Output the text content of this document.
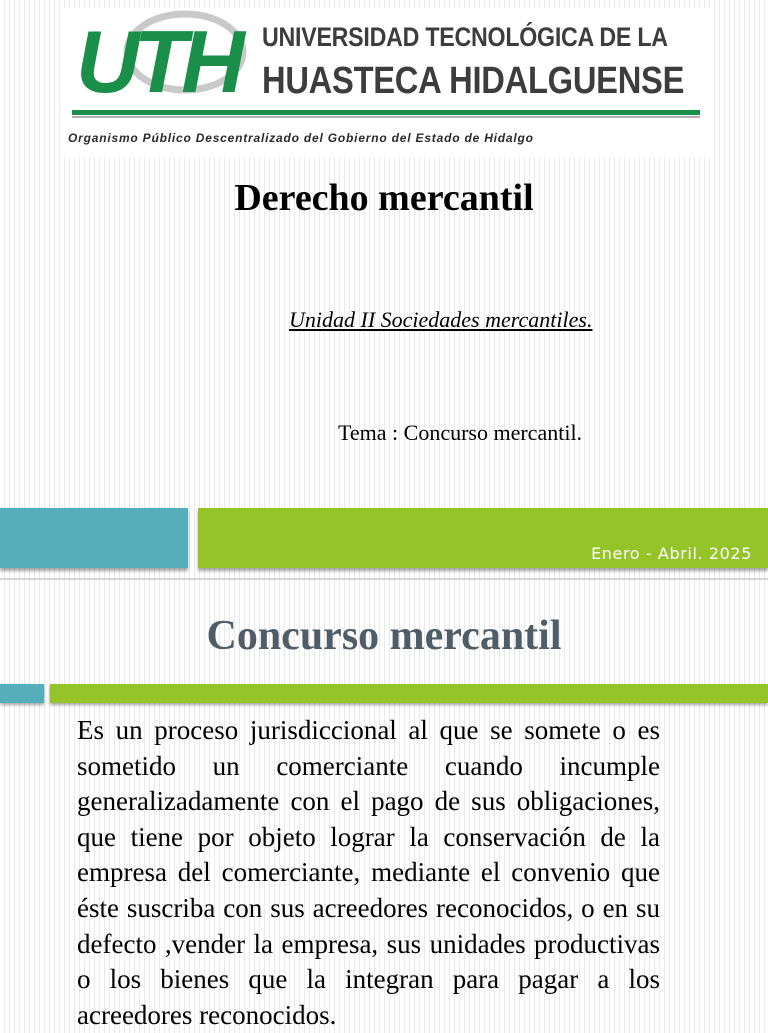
UTH UNIVERSIDAD TECNOLÓGICA DE LA
HUASTECA HIDALGUENSE
Organismo Público Descentralizado del Gobierno del Estado de Hidalgo
Derecho mercantil
Unidad II Sociedades mercantiles.
Tema : Concurso mercantil.
Enero - Abril. 2025
Concurso mercantil

Es un proceso jurisdiccional al que se somete o es sometido un comerciante cuando incumple generalizadamente con el pago de sus obligaciones, que tiene por objeto lograr la conservación de la empresa del comerciante, mediante el convenio que éste suscriba con sus acreedores reconocidos, o en su defecto ,vender la empresa, sus unidades productivas o los bienes que la integran para pagar a los acreedores reconocidos.
